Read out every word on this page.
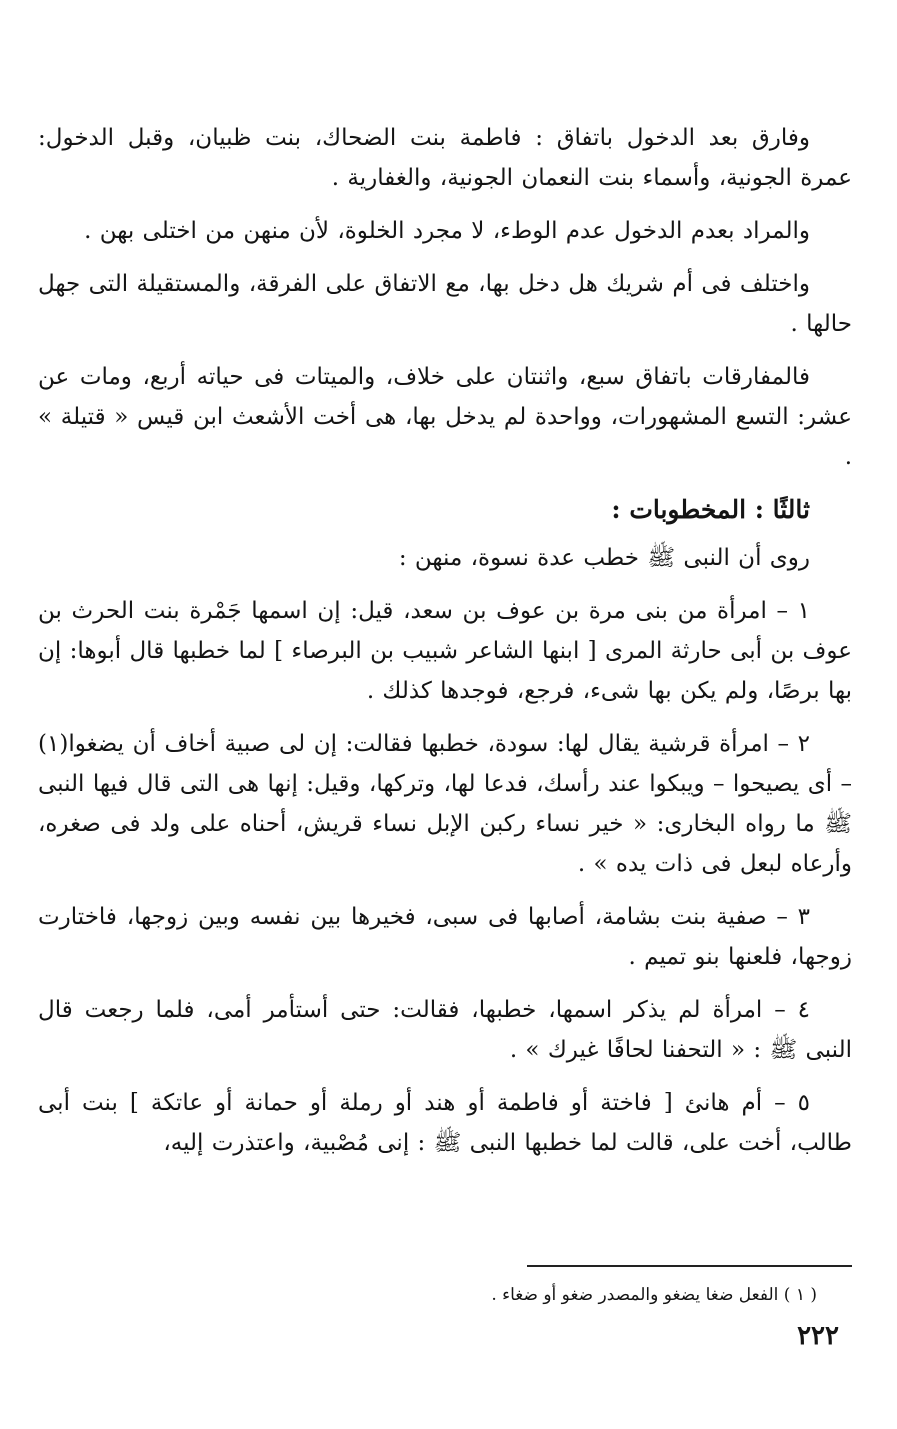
وفارق بعد الدخول باتفاق : فاطمة بنت الضحاك، بنت ظبيان، وقبل الدخول: عمرة الجونية، وأسماء بنت النعمان الجونية، والغفارية .

والمراد بعدم الدخول عدم الوطء، لا مجرد الخلوة، لأن منهن من اختلى بهن .

واختلف فى أم شريك هل دخل بها، مع الاتفاق على الفرقة، والمستقيلة التى جهل حالها .

فالمفارقات باتفاق سبع، واثنتان على خلاف، والميتات فى حياته أربع، ومات عن عشر: التسع المشهورات، وواحدة لم يدخل بها، هى أخت الأشعث ابن قيس « قتيلة » .

ثالثًا : المخطوبات :

روى أن النبى ﷺ خطب عدة نسوة، منهن :

١ – امرأة من بنى مرة بن عوف بن سعد، قيل: إن اسمها جَمْرة بنت الحرث بن عوف بن أبى حارثة المرى [ ابنها الشاعر شبيب بن البرصاء ] لما خطبها قال أبوها: إن بها برصًا، ولم يكن بها شىء، فرجع، فوجدها كذلك .

٢ – امرأة قرشية يقال لها: سودة، خطبها فقالت: إن لى صبية أخاف أن يضغوا(١) – أى يصيحوا – ويبكوا عند رأسك، فدعا لها، وتركها، وقيل: إنها هى التى قال فيها النبى ﷺ ما رواه البخارى: « خير نساء ركبن الإبل نساء قريش، أحناه على ولد فى صغره، وأرعاه لبعل فى ذات يده » .

٣ – صفية بنت بشامة، أصابها فى سبى، فخيرها بين نفسه وبين زوجها، فاختارت زوجها، فلعنها بنو تميم .

٤ – امرأة لم يذكر اسمها، خطبها، فقالت: حتى أستأمر أمى، فلما رجعت قال النبى ﷺ : « التحفنا لحافًا غيرك » .

٥ – أم هانئ [ فاختة أو فاطمة أو هند أو رملة أو حمانة أو عاتكة ] بنت أبى طالب، أخت على، قالت لما خطبها النبى ﷺ : إنى مُصْبية، واعتذرت إليه،

( ١ ) الفعل ضغا يضغو والمصدر ضغو أو ضغاء .
٢٢٢
